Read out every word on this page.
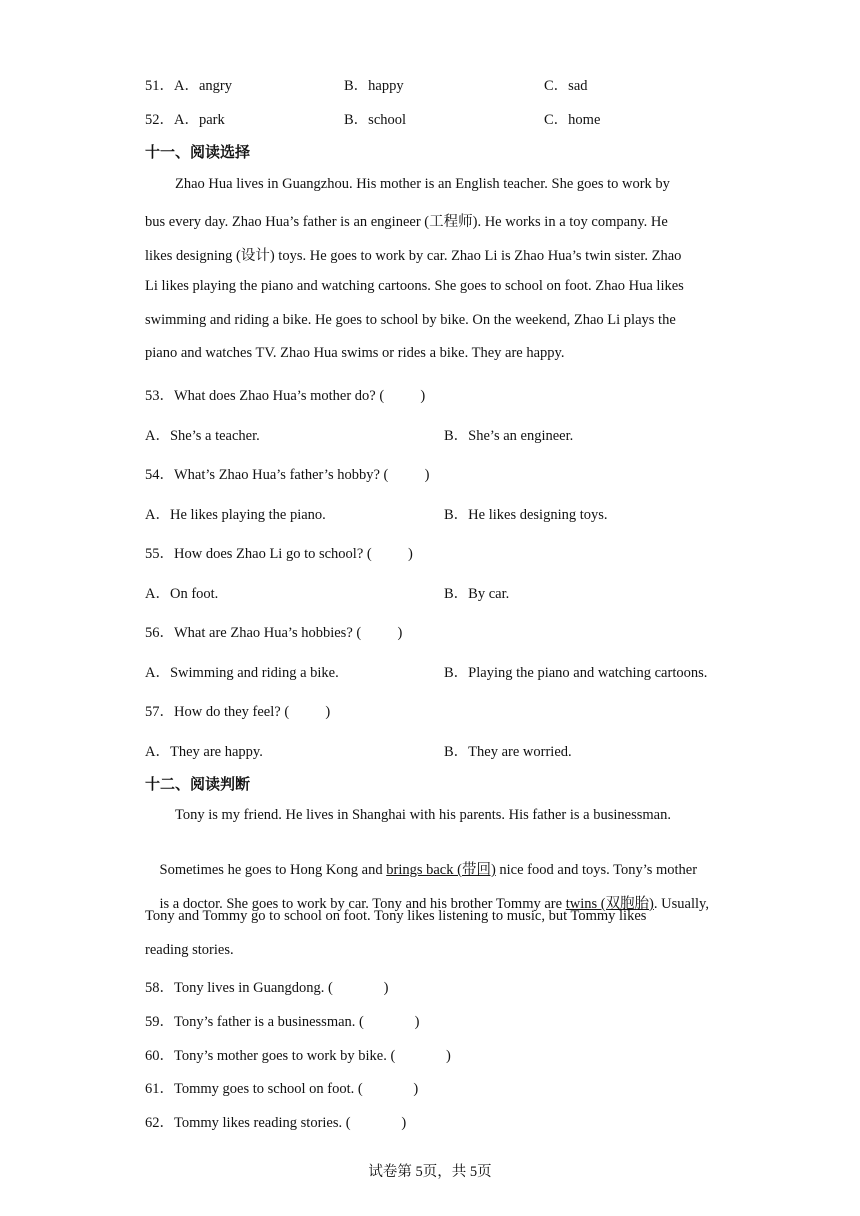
51．A．angry	B．happy	C．sad
52．A．park	B．school	C．home
十一、阅读选择
Zhao Hua lives in Guangzhou. His mother is an English teacher. She goes to work by
bus every day. Zhao Hua’s father is an engineer (工程师). He works in a toy company. He
likes designing (设计) toys. He goes to work by car. Zhao Li is Zhao Hua’s twin sister. Zhao
Li likes playing the piano and watching cartoons. She goes to school on foot. Zhao Hua likes
swimming and riding a bike. He goes to school by bike. On the weekend, Zhao Li plays the
piano and watches TV. Zhao Hua swims or rides a bike. They are happy.
53．What does Zhao Hua’s mother do? (          )
A．She’s a teacher.	B．She’s an engineer.
54．What’s Zhao Hua’s father’s hobby? (          )
A．He likes playing the piano.	B．He likes designing toys.
55．How does Zhao Li go to school? (          )
A．On foot.	B．By car.
56．What are Zhao Hua’s hobbies? (          )
A．Swimming and riding a bike.	B．Playing the piano and watching cartoons.
57．How do they feel? (          )
A．They are happy.	B．They are worried.
十二、阅读判断
Tony is my friend. He lives in Shanghai with his parents. His father is a businessman.

Sometimes he goes to Hong Kong and brings back (带回) nice food and toys. Tony’s mother

is a doctor. She goes to work by car. Tony and his brother Tommy are twins (双胞胎). Usually,

Tony and Tommy go to school on foot. Tony likes listening to music, but Tommy likes
reading stories.
58．Tony lives in Guangdong. (              )
59．Tony’s father is a businessman. (              )
60．Tony’s mother goes to work by bike. (              )
61．Tommy goes to school on foot. (              )
62．Tommy likes reading stories. (              )
试卷第 5页，共 5页
